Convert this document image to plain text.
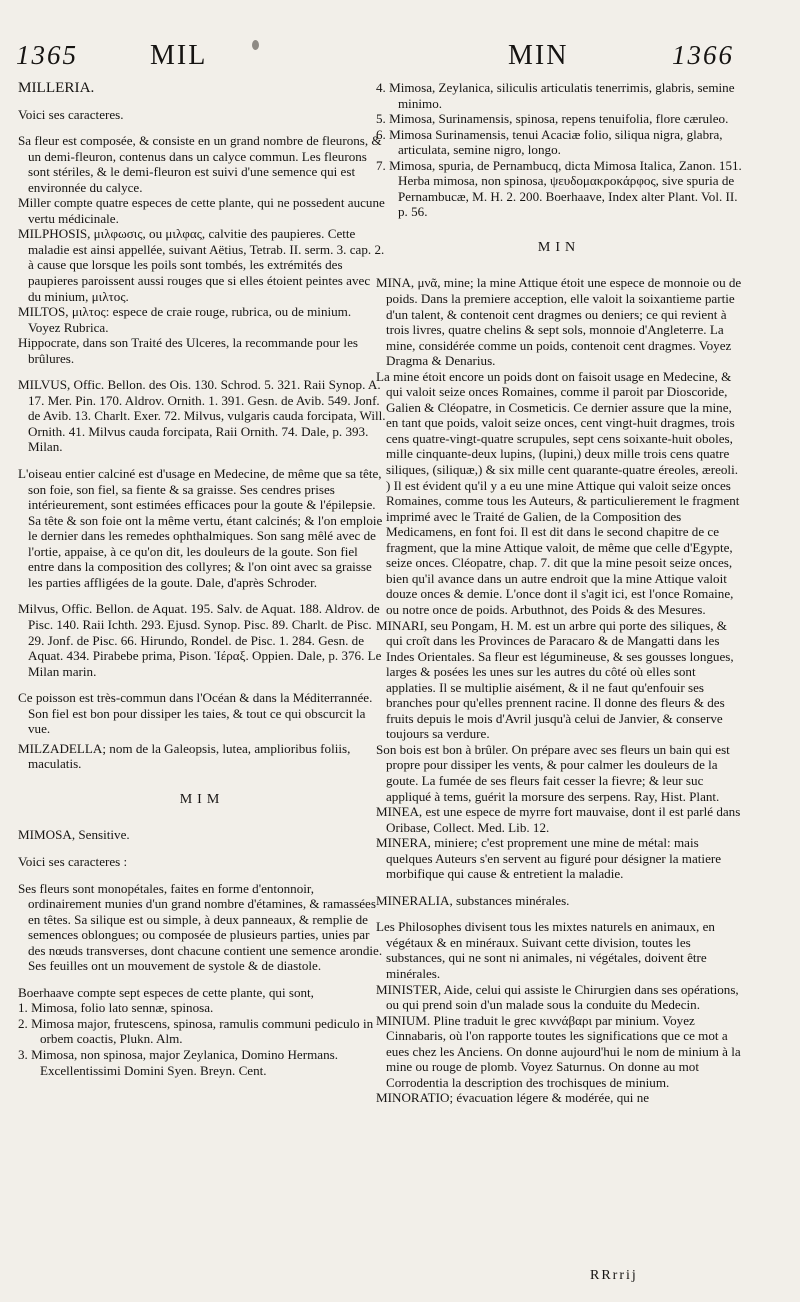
1365	MIL	MIN	1366
MILLERIA.
Voici ses caracteres.
Sa fleur est composée, & consiste en un grand nombre de fleurons, & un demi-fleuron, contenus dans un calyce commun. Les fleurons sont stériles, & le demi-fleuron est suivi d'une semence qui est environnée du calyce.
Miller compte quatre especes de cette plante, qui ne possedent aucune vertu médicinale.
MILPHOSIS, μιλφωσις, ou μιλφας, calvitie des paupieres. Cette maladie est ainsi appellée, suivant Aëtius, Tetrab. II. serm. 3. cap. 2. à cause que lorsque les poils sont tombés, les extrémités des paupieres paroissent aussi rouges que si elles étoient peintes avec du minium, μιλτος.
MILTOS, μιλτος: espece de craie rouge, rubrica, ou de minium. Voyez Rubrica.
Hippocrate, dans son Traité des Ulceres, la recommande pour les brûlures.
MILVUS, Offic. Bellon. des Ois. 130. Schrod. 5. 321. Raii Synop. A. 17. Mer. Pin. 170. Aldrov. Ornith. 1. 391. Gesn. de Avib. 549. Jonf. de Avib. 13. Charlt. Exer. 72. Milvus, vulgaris cauda forcipata, Will. Ornith. 41. Milvus cauda forcipata, Raii Ornith. 74. Dale, p. 393. Milan.
L'oiseau entier calciné est d'usage en Medecine, de même que sa tête, son foie, son fiel, sa fiente & sa graisse. Ses cendres prises intérieurement, sont estimées efficaces pour la goute & l'épilepsie. Sa tête & son foie ont la même vertu, étant calcinés; & l'on emploie le dernier dans les remedes ophthalmiques. Son sang mêlé avec de l'ortie, appaise, à ce qu'on dit, les douleurs de la goute. Son fiel entre dans la composition des collyres; & l'on oint avec sa graisse les parties affligées de la goute. Dale, d'après Schroder.
Milvus, Offic. Bellon. de Aquat. 195. Salv. de Aquat. 188. Aldrov. de Pisc. 140. Raii Ichth. 293. Ejusd. Synop. Pisc. 89. Charlt. de Pisc. 29. Jonf. de Pisc. 66. Hirundo, Rondel. de Pisc. 1. 284. Gesn. de Aquat. 434. Pirabebe prima, Pison. Ἱέραξ. Oppien. Dale, p. 376. Le Milan marin.
Ce poisson est très-commun dans l'Océan & dans la Méditerrannée. Son fiel est bon pour dissiper les taies, & tout ce qui obscurcit la vue.
MILZADELLA; nom de la Galeopsis, lutea, amplioribus foliis, maculatis.
MIM
MIMOSA, Sensitive.
Voici ses caracteres :
Ses fleurs sont monopétales, faites en forme d'entonnoir, ordinairement munies d'un grand nombre d'étamines, & ramassées en têtes. Sa silique est ou simple, à deux panneaux, & remplie de semences oblongues; ou composée de plusieurs parties, unies par des nœuds transverses, dont chacune contient une semence arondie. Ses feuilles ont un mouvement de systole & de diastole.
Boerhaave compte sept especes de cette plante, qui sont,
1. Mimosa, folio lato sennæ, spinosa.
2. Mimosa major, frutescens, spinosa, ramulis communi pediculo in orbem coactis, Plukn. Alm.
3. Mimosa, non spinosa, major Zeylanica, Domino Hermans. Excellentissimi Domini Syen. Breyn. Cent.
4. Mimosa, Zeylanica, siliculis articulatis tenerrimis, glabris, semine minimo.
5. Mimosa, Surinamensis, spinosa, repens tenuifolia, flore cæruleo.
6. Mimosa Surinamensis, tenui Acaciæ folio, siliqua nigra, glabra, articulata, semine nigro, longo.
7. Mimosa, spuria, de Pernambucq, dicta Mimosa Italica, Zanon. 151. Herba mimosa, non spinosa, ψευδομακροκάρφος, sive spuria de Pernambucæ, M. H. 2. 200. Boerhaave, Index alter Plant. Vol. II. p. 56.
MIN
MINA, μνᾶ, mine; la mine Attique étoit une espece de monnoie ou de poids. Dans la premiere acception, elle valoit la soixantieme partie d'un talent, & contenoit cent dragmes ou deniers; ce qui revient à trois livres, quatre chelins & sept sols, monnoie d'Angleterre. La mine, considérée comme un poids, contenoit cent dragmes. Voyez Dragma & Denarius.
La mine étoit encore un poids dont on faisoit usage en Medecine, & qui valoit seize onces Romaines, comme il paroit par Dioscoride, Galien & Cléopatre, in Cosmeticis. Ce dernier assure que la mine, en tant que poids, valoit seize onces, cent vingt-huit dragmes, trois cens quatre-vingt-quatre scrupules, sept cens soixante-huit oboles, mille cinquante-deux lupins, (lupini,) deux mille trois cens quatre siliques, (siliquæ,) & six mille cent quarante-quatre éreoles, æreoli. ) Il est évident qu'il y a eu une mine Attique qui valoit seize onces Romaines, comme tous les Auteurs, & particulierement le fragment imprimé avec le Traité de Galien, de la Composition des Medicamens, en font foi. Il est dit dans le second chapitre de ce fragment, que la mine Attique valoit, de même que celle d'Egypte, seize onces. Cléopatre, chap. 7. dit que la mine pesoit seize onces, bien qu'il avance dans un autre endroit que la mine Attique valoit douze onces & demie. L'once dont il s'agit ici, est l'once Romaine, ou notre once de poids. Arbuthnot, des Poids & des Mesures.
MINARI, seu Pongam, H. M. est un arbre qui porte des siliques, & qui croît dans les Provinces de Paracaro & de Mangatti dans les Indes Orientales. Sa fleur est légumineuse, & ses gousses longues, larges & posées les unes sur les autres du côté où elles sont applaties. Il se multiplie aisément, & il ne faut qu'enfouir ses branches pour qu'elles prennent racine. Il donne des fleurs & des fruits depuis le mois d'Avril jusqu'à celui de Janvier, & conserve toujours sa verdure.
Son bois est bon à brûler. On prépare avec ses fleurs un bain qui est propre pour dissiper les vents, & pour calmer les douleurs de la goute. La fumée de ses fleurs fait cesser la fievre; & leur suc appliqué à tems, guérit la morsure des serpens. Ray, Hist. Plant.
MINEA, est une espece de myrre fort mauvaise, dont il est parlé dans Oribase, Collect. Med. Lib. 12.
MINERA, miniere; c'est proprement une mine de métal: mais quelques Auteurs s'en servent au figuré pour désigner la matiere morbifique qui cause & entretient la maladie.
MINERALIA, substances minérales.
Les Philosophes divisent tous les mixtes naturels en animaux, en végétaux & en minéraux. Suivant cette division, toutes les substances, qui ne sont ni animales, ni végétales, doivent être minérales.
MINISTER, Aide, celui qui assiste le Chirurgien dans ses opérations, ou qui prend soin d'un malade sous la conduite du Medecin.
MINIUM. Pline traduit le grec κιννάβαρι par minium. Voyez Cinnabaris, où l'on rapporte toutes les significations que ce mot a eues chez les Anciens. On donne aujourd'hui le nom de minium à la mine ou rouge de plomb. Voyez Saturnus. On donne au mot Corrodentia la description des trochisques de minium.
MINORATIO; évacuation légere & modérée, qui ne
RRrrij
